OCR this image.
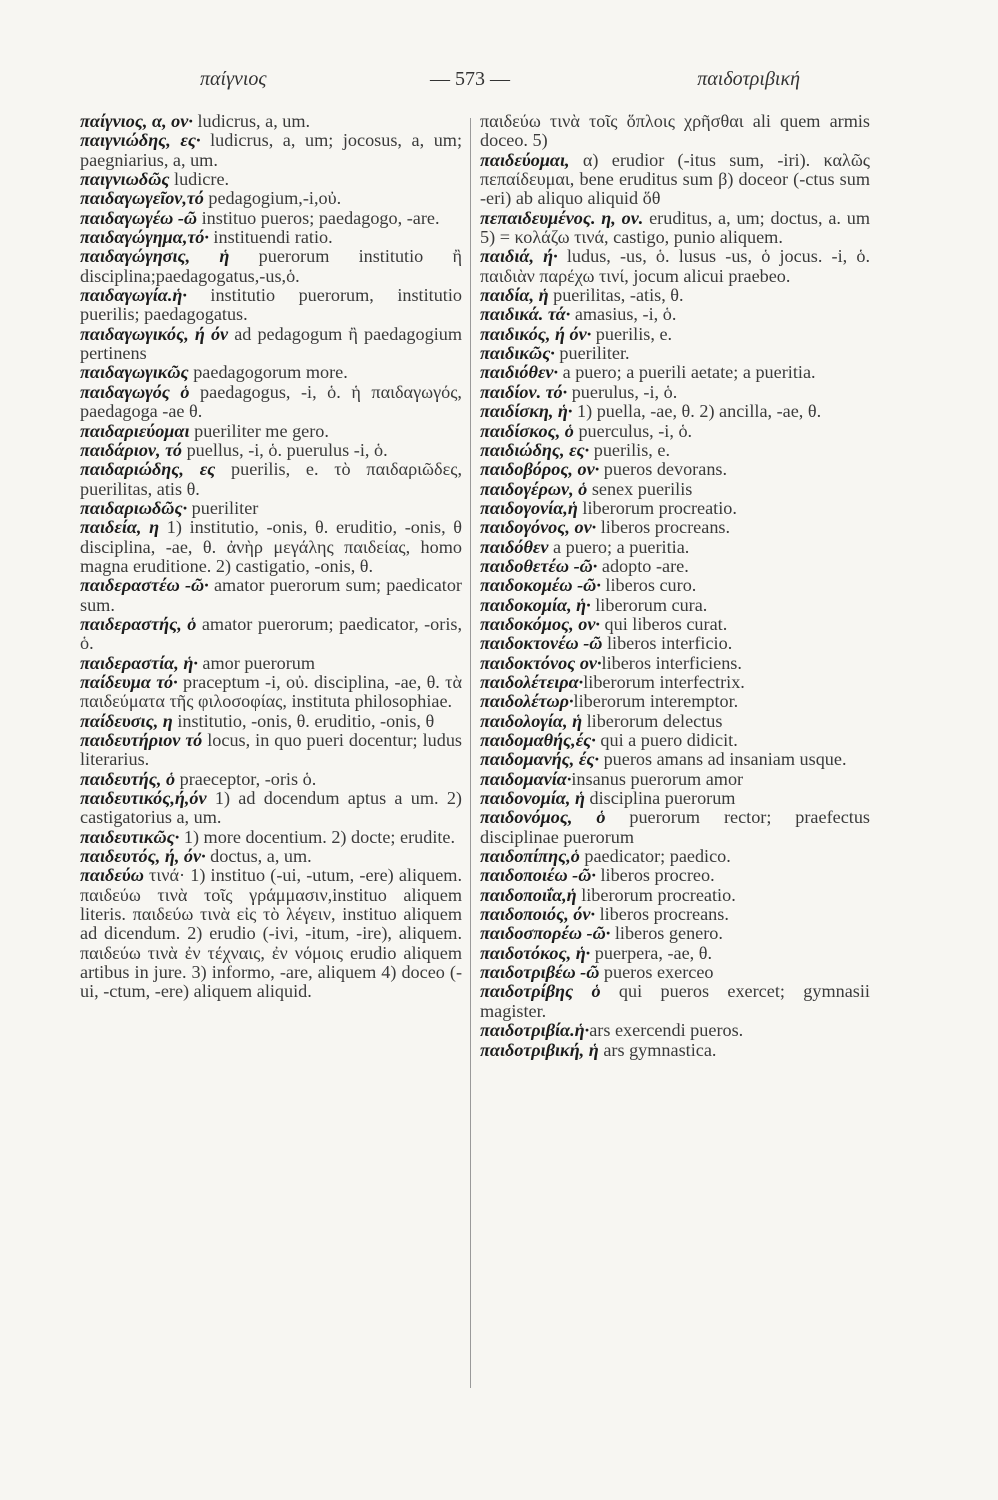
παίγνιος	— 573 —	παιδοτριβική

παίγνιος, α, ον· ludicrus, a, um.

παιγνιώδης, ες· ludicrus, a, um; jocosus, a, um; paegniarius, a, um.

παιγνιωδῶς ludicre.

παιδαγωγεῖον,τό pedagogium,-i,οὐ.

παιδαγωγέω -ῶ instituo pueros; paedagogo, -are.

παιδαγώγημα,τό· instituendi ratio.

παιδαγώγησις, ἡ puerorum institutio ἢ disciplina;paedagogatus,-us,ὁ.

παιδαγωγία.ἡ· institutio puerorum, institutio puerilis; paedagogatus.

παιδαγωγικός, ή όν ad pedagogum ἢ paedagogium pertinens

παιδαγωγικῶς paedagogorum more.

παιδαγωγός ὁ paedagogus, -i, ὁ. ἡ παιδαγωγός, paedagoga -ae θ.

παιδαριεύομαι pueriliter me gero.

παιδάριον, τό puellus, -i, ὁ. puerulus -i, ὁ.

παιδαριώδης, ες puerilis, e. τὸ παιδαριῶδες, puerilitas, atis θ.

παιδαριωδῶς· pueriliter

παιδεία, η 1) institutio, -onis, θ. eruditio, -onis, θ disciplina, -ae, θ. ἀνὴρ μεγάλης παιδείας, homo magna eruditione. 2) castigatio, -onis, θ.

παιδεραστέω -ῶ· amator puerorum sum; paedicator sum.

παιδεραστής, ὁ amator puerorum; paedicator, -oris, ὁ.

παιδεραστία, ἡ· amor puerorum

παίδευμα τό· praceptum -i, οὐ. disciplina, -ae, θ. τὰ παιδεύματα τῆς φιλοσοφίας, instituta philosophiae.

παίδευσις, η institutio, -onis, θ. eruditio, -onis, θ

παιδευτήριον τό locus, in quo pueri docentur; ludus literarius.

παιδευτής, ὁ praeceptor, -oris ὁ.

παιδευτικός,ή,όν 1) ad docendum aptus a um. 2) castigatorius a, um.

παιδευτικῶς· 1) more docentium. 2) docte; erudite.

παιδευτός, ή, όν· doctus, a, um.

παιδεύω τινά· 1) instituo (-ui, -utum, -ere) aliquem. παιδεύω τινὰ τοῖς γράμμασιν,instituo aliquem literis. παιδεύω τινὰ εἰς τὸ λέγειν, instituo aliquem ad dicendum. 2) erudio (-ivi, -itum, -ire), aliquem. παιδεύω τινὰ ἐν τέχναις, ἐν νόμοις erudio aliquem artibus in jure. 3) informo, -are, aliquem 4) doceo (-ui, -ctum, -ere) aliquem aliquid.

παιδεύω τινὰ τοῖς ὅπλοις χρῆσθαι ali quem armis doceo. 5)

παιδεύομαι, α) erudior (-itus sum, -iri). καλῶς πεπαίδευμαι, bene eruditus sum β) doceor (-ctus sum -eri) ab aliquo aliquid ὅθ

πεπαιδευμένος. η, ον. eruditus, a, um; doctus, a. um 5) = κολάζω τινά, castigo, punio aliquem.

παιδιά, ή· ludus, -us, ὁ. lusus -us, ὁ jocus. -i, ὁ. παιδιὰν παρέχω τινί, jocum alicui praebeo.

παιδία, ἡ puerilitas, -atis, θ.

παιδικά. τά· amasius, -i, ὁ.

παιδικός, ή όν· puerilis, e.

παιδικῶς· pueriliter.

παιδιόθεν· a puero; a puerili aetate; a pueritia.

παιδίον. τό· puerulus, -i, ὁ.

παιδίσκη, ἡ· 1) puella, -ae, θ. 2) ancilla, -ae, θ.

παιδίσκος, ὁ puerculus, -i, ὁ.

παιδιώδης, ες· puerilis, e.

παιδοβόρος, ον· pueros devorans.

παιδογέρων, ὁ senex puerilis

παιδογονία,ἡ liberorum procreatio.

παιδογόνος, ον· liberos procreans.

παιδόθεν a puero; a pueritia.

παιδοθετέω -ῶ· adopto -are.

παιδοκομέω -ῶ· liberos curo.

παιδοκομία, ἡ· liberorum cura.

παιδοκόμος, ον· qui liberos curat.

παιδοκτονέω -ῶ liberos interficio.

παιδοκτόνος ον·liberos interficiens.

παιδολέτειρα·liberorum interfectrix.

παιδολέτωρ·liberorum interemptor.

παιδολογία, ἡ liberorum delectus

παιδομαθής,ές· qui a puero didicit.

παιδομανής, ές· pueros amans ad insaniam usque.

παιδομανία·insanus puerorum amor

παιδονομία, ἡ disciplina puerorum

παιδονόμος, ὁ puerorum rector; praefectus disciplinae puerorum

παιδοπίπης,ὁ paedicator; paedico.

παιδοποιέω -ῶ· liberos procreo.

παιδοποιΐα,ἡ liberorum procreatio.

παιδοποιός, όν· liberos procreans.

παιδοσπορέω -ῶ· liberos genero.

παιδοτόκος, ἡ· puerpera, -ae, θ.

παιδοτριβέω -ῶ pueros exerceo

παιδοτρίβης ὁ qui pueros exercet; gymnasii magister.

παιδοτριβία.ἡ·ars exercendi pueros.

παιδοτριβική, ἡ ars gymnastica.
